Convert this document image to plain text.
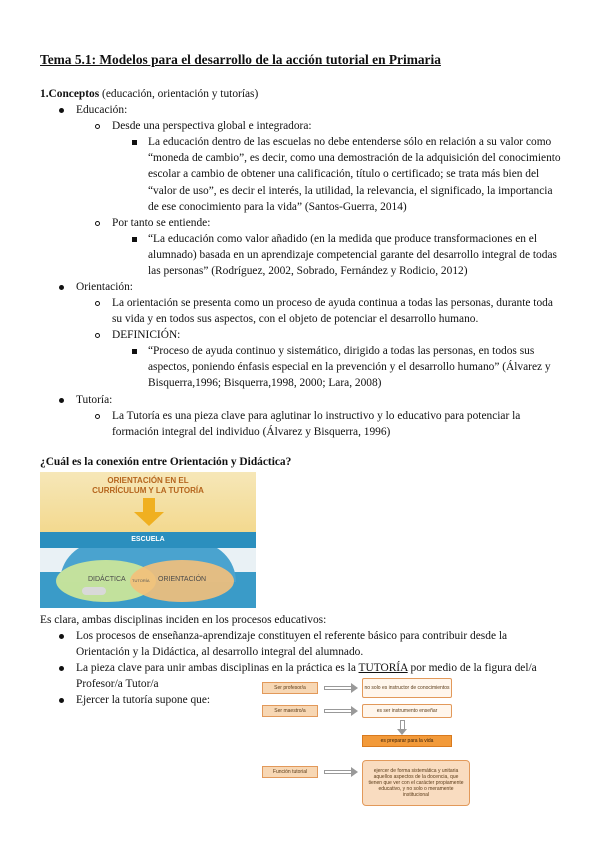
Tema 5.1: Modelos para el desarrollo de la acción tutorial en Primaria
1.Conceptos (educación, orientación y tutorías)
Educación:
Desde una perspectiva global e integradora:
La educación dentro de las escuelas no debe entenderse sólo en relación a su valor como “moneda de cambio”, es decir, como una demostración de la adquisición del conocimiento escolar a cambio de obtener una calificación, título o certificado; se trata más bien del “valor de uso”, es decir el interés, la utilidad, la relevancia, el significado, la importancia de ese conocimiento para la vida” (Santos-Guerra, 2014)
Por tanto se entiende:
“La educación como valor añadido (en la medida que produce transformaciones en el alumnado) basada en un aprendizaje competencial garante del desarrollo integral de todas las personas” (Rodríguez, 2002, Sobrado, Fernández y Rodicio, 2012)
Orientación:
La orientación se presenta como un proceso de ayuda continua a todas las personas, durante toda su vida y en todos sus aspectos, con el objeto de potenciar el desarrollo humano.
DEFINICIÓN:
“Proceso de ayuda continuo y sistemático, dirigido a todas las personas, en todos sus aspectos, poniendo énfasis especial en la prevención y el desarrollo humano” (Álvarez y Bisquerra,1996; Bisquerra,1998, 2000; Lara, 2008)
Tutoría:
La Tutoría es una pieza clave para aglutinar lo instructivo y lo educativo para potenciar la formación integral del individuo (Álvarez y Bisquerra, 1996)
¿Cuál es la conexión entre Orientación y Didáctica?
ORIENTACIÓN EN EL
CURRÍCULUM Y LA TUTORÍA
ESCUELA
DIDÁCTICA TUTORÍA ORIENTACIÓN
Es clara, ambas disciplinas inciden en los procesos educativos:
Los procesos de enseñanza-aprendizaje constituyen el referente básico para contribuir desde la Orientación y la Didáctica, al desarrollo integral del alumnado.
La pieza clave para unir ambas disciplinas en la práctica es la TUTORÍA por medio de la figura del/a Profesor/a Tutor/a
Ejercer la tutoría supone que:
Ser profesor/a	no solo es instructor de conocimientos
Ser maestro/a	es ser instrumento enseñar
es preparar para la vida
Función tutorial	ejercer de forma sistemática y unitaria aquellos aspectos de la docencia, que tienen que ver con el carácter propiamente educativo, y no solo o meramente institucional
